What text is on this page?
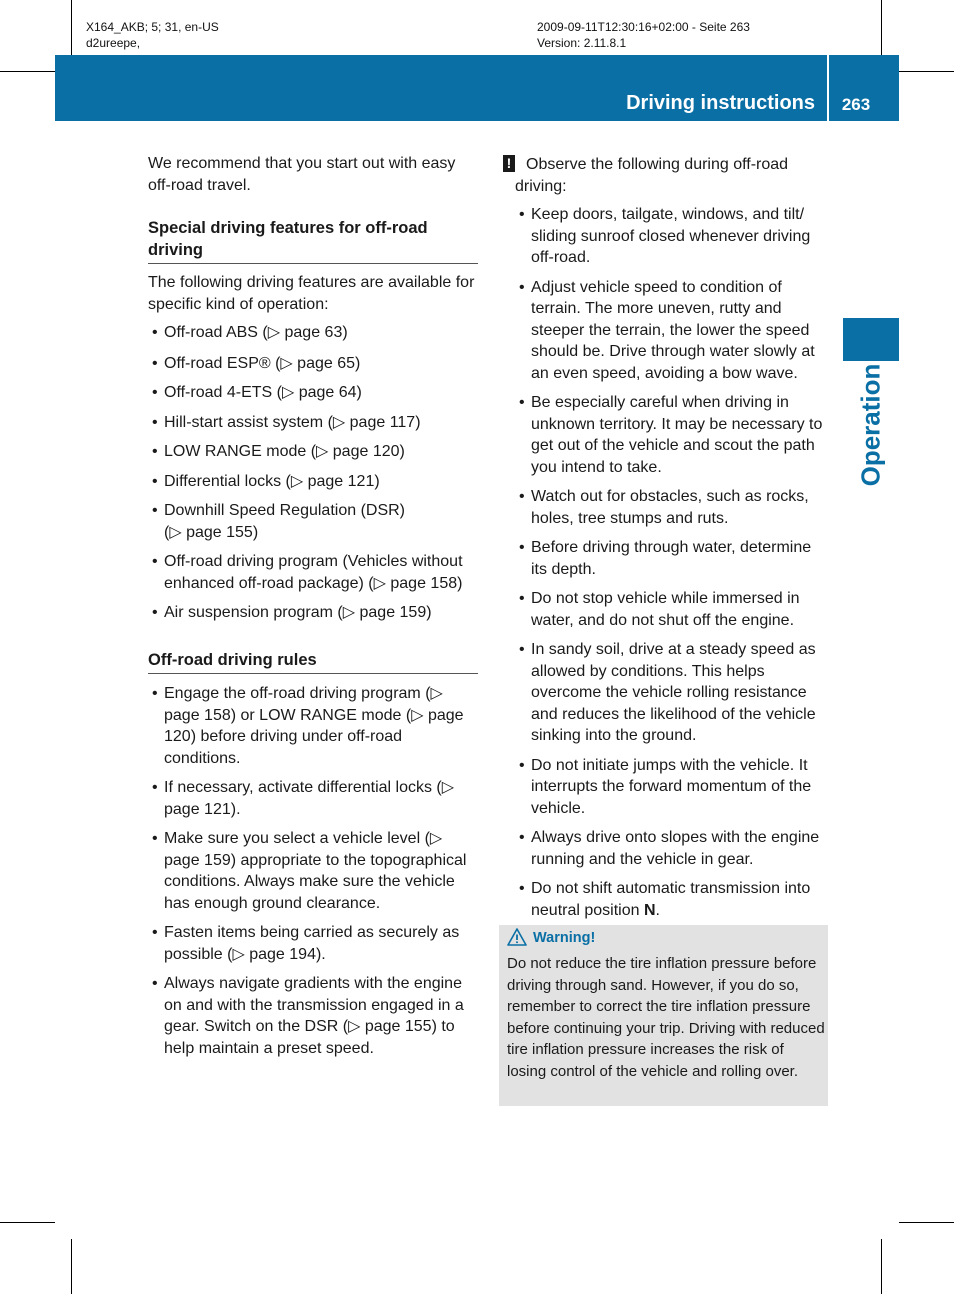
X164_AKB; 5; 31, en-US
d2ureepe,
2009-09-11T12:30:16+02:00 - Seite 263
Version: 2.11.8.1
Driving instructions	263
Operation

We recommend that you start out with easy off-road travel.

Special driving features for off-road driving

The following driving features are available for specific kind of operation:

• Off-road ABS (▷ page 63)
• Off-road ESP® (▷ page 65)
• Off-road 4-ETS (▷ page 64)
• Hill-start assist system (▷ page 117)
• LOW RANGE mode (▷ page 120)
• Differential locks (▷ page 121)
• Downhill Speed Regulation (DSR) (▷ page 155)
• Off-road driving program (Vehicles without enhanced off-road package) (▷ page 158)
• Air suspension program (▷ page 159)
Off-road driving rules
• Engage the off-road driving program (▷ page 158) or LOW RANGE mode (▷ page 120) before driving under off-road conditions.
• If necessary, activate differential locks (▷ page 121).
• Make sure you select a vehicle level (▷ page 159) appropriate to the topographical conditions. Always make sure the vehicle has enough ground clearance.
• Fasten items being carried as securely as possible (▷ page 194).
• Always navigate gradients with the engine on and with the transmission engaged in a gear. Switch on the DSR (▷ page 155) to help maintain a preset speed.
! Observe the following during off-road driving:

• Keep doors, tailgate, windows, and tilt/ sliding sunroof closed whenever driving off-road.
• Adjust vehicle speed to condition of terrain. The more uneven, rutty and steeper the terrain, the lower the speed should be. Drive through water slowly at an even speed, avoiding a bow wave.
• Be especially careful when driving in unknown territory. It may be necessary to get out of the vehicle and scout the path you intend to take.
• Watch out for obstacles, such as rocks, holes, tree stumps and ruts.
• Before driving through water, determine its depth.
• Do not stop vehicle while immersed in water, and do not shut off the engine.
• In sandy soil, drive at a steady speed as allowed by conditions. This helps overcome the vehicle rolling resistance and reduces the likelihood of the vehicle sinking into the ground.
• Do not initiate jumps with the vehicle. It interrupts the forward momentum of the vehicle.
• Always drive onto slopes with the engine running and the vehicle in gear.
• Do not shift automatic transmission into neutral position N.
Warning!
Do not reduce the tire inflation pressure before driving through sand. However, if you do so, remember to correct the tire inflation pressure before continuing your trip. Driving with reduced tire inflation pressure increases the risk of losing control of the vehicle and rolling over.
